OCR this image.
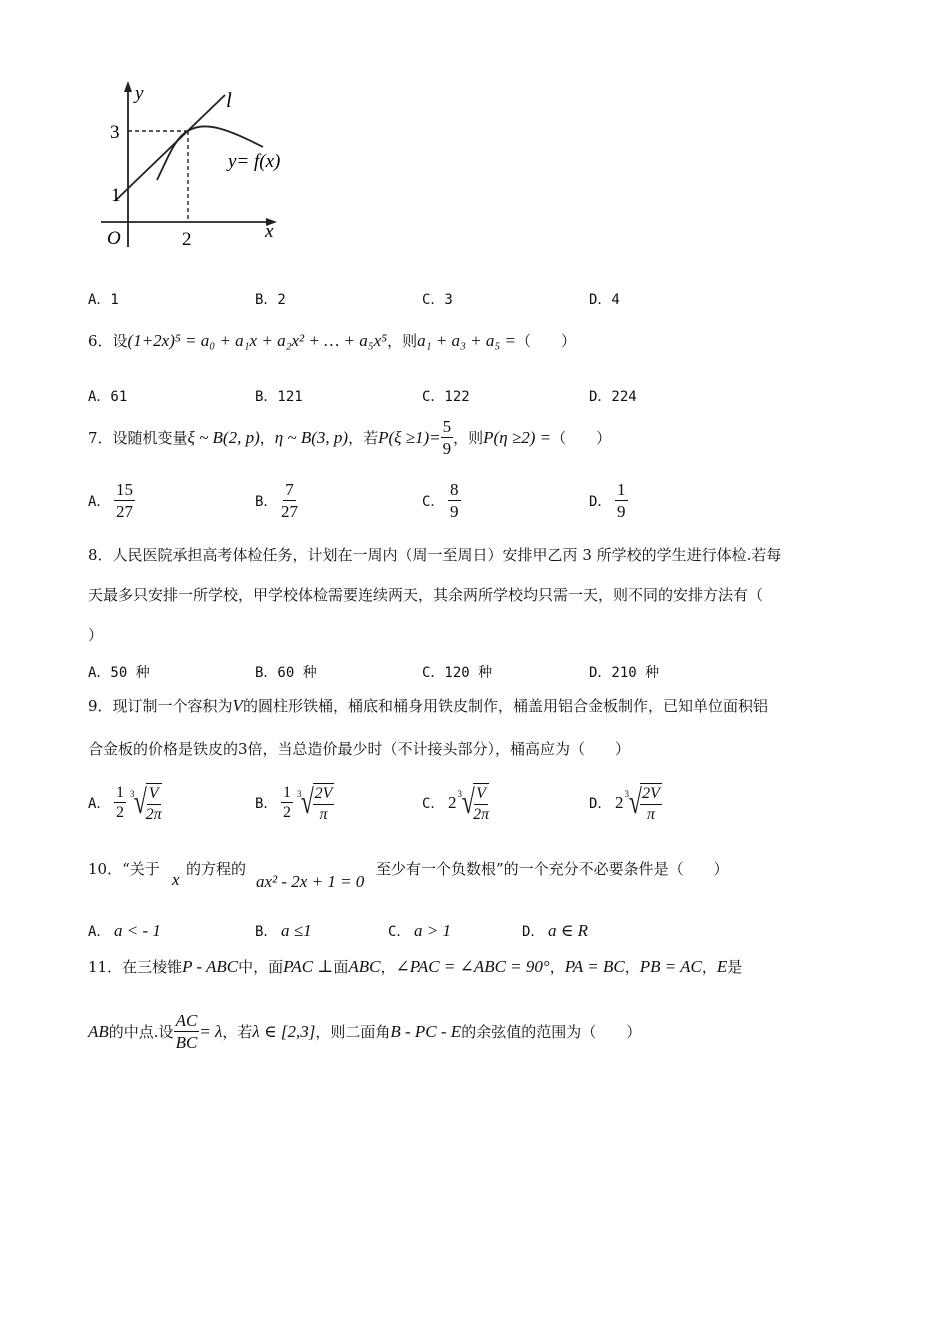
y	l
y= f(x)
3
1
O	2	x
A．1	B．2	C．3	D．4
6．设(1+2x)⁵ = a₀ + a₁x + a₂x² + … + a₅x⁵，则a₁ + a₃ + a₅ =（　　）
A．61	B．121	C．122	D．224
7．设随机变量 ξ ~ B(2, p) ， η ~ B(3, p) ，若 $P(\xi \ge 1)= \frac{5}{9}$ ，则 P(η ≥2) = （　　）
A． $\frac{15}{27}$	B． $\frac{7}{27}$	C． $\frac{8}{9}$	D． $\frac{1}{9}$
8．人民医院承担高考体检任务，计划在一周内（周一至周日）安排甲乙丙 3 所学校的学生进行体检.若每
天最多只安排一所学校，甲学校体检需要连续两天，其余两所学校均只需一天，则不同的安排方法有（
）
A．50 种	B．60 种	C．120 种	D．210 种
9．现订制一个容积为V的圆柱形铁桶，桶底和桶身用铁皮制作，桶盖用铝合金板制作，已知单位面积铝
合金板的价格是铁皮的3倍，当总造价最少时（不计接头部分），桶高应为（　　）
A． $\frac{1}{2} 3$ √
$\frac{V}{2\pi}$	B． $\frac{1}{2} 3$ √
$\frac{2V}{\pi}$	C． 2 3 √
$\frac{V}{2\pi}$	D． 2 3 √
$\frac{2V}{\pi}$
10．“关于
x
的方程的
ax² - 2x + 1 = 0
至少有一个负数根”的一个充分不必要条件是（　　）
A． a < - 1	B． a ≤1	C． a > 1	D． a ∈ R
11．在三棱锥P - ABC中，面PAC ⊥面ABC，∠PAC = ∠ABC = 90°，PA = BC，PB = AC，E是
AB 的中点.设 $\frac{AC}{BC} = \lambda$ ，若 λ ∈ [2,3] ，则二面角 B - PC - E 的余弦值的范围为（　　）
